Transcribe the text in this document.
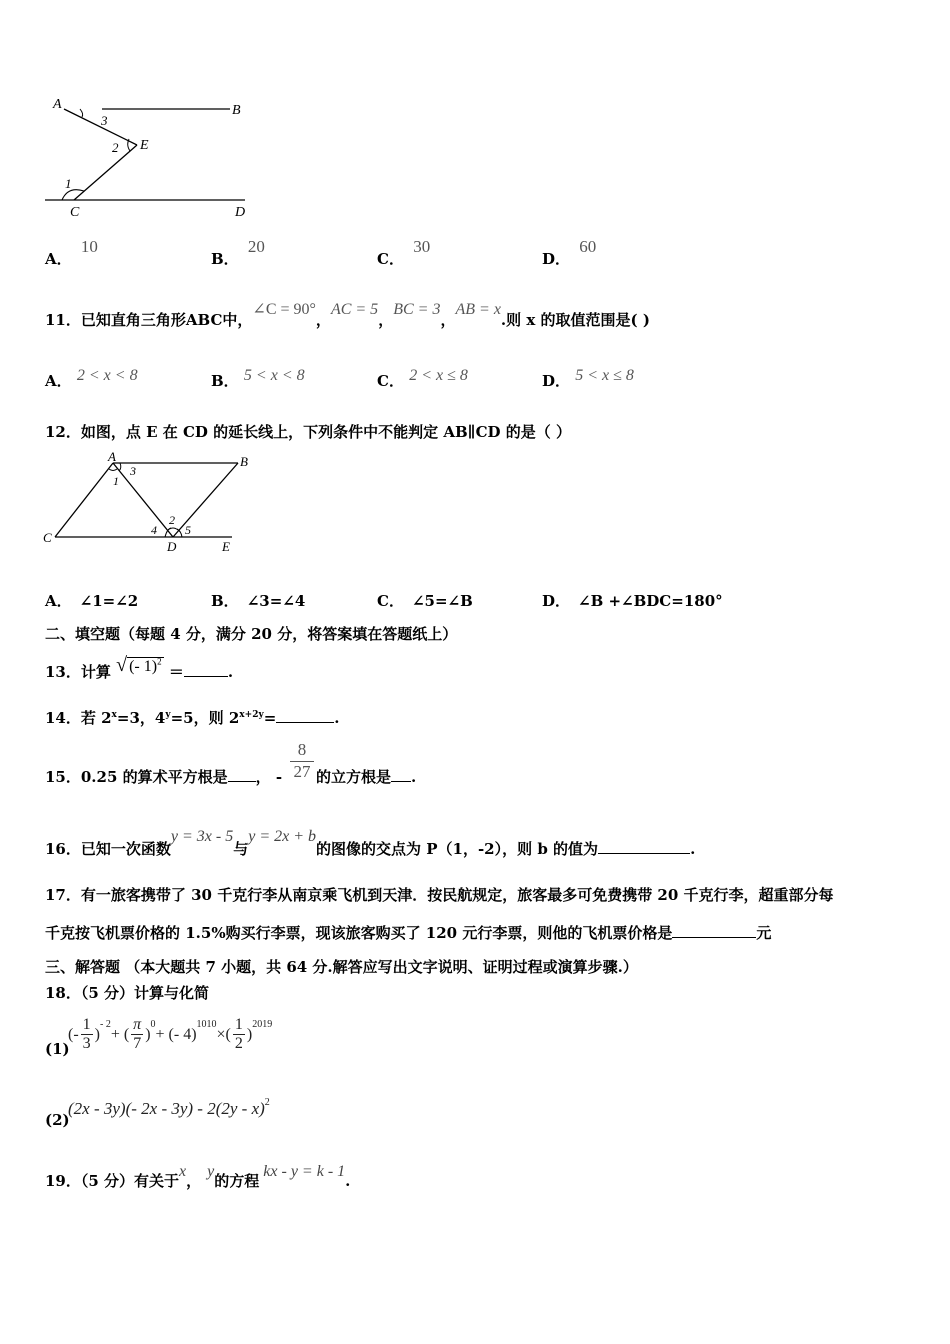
A	B
E
C	D
3
2
1
A． 10
B． 20
C． 30
D． 60
11．已知直角三角形ABC中，∠C = 90°，AC = 5，BC = 3，AB = x.则 x 的取值范围是( )
A． 2 < x < 8	B． 5 < x < 8	C． 2 < x ≤ 8	D． 5 < x ≤ 8
12．如图，点 E 在 CD 的延长线上，下列条件中不能判定 AB∥CD 的是（ ）
A	B
C
D	E
3
1
4
2
5
A． ∠1=∠2	B． ∠3=∠4	C． ∠5=∠B	D． ∠B +∠BDC=180°
二、填空题（每题 4 分，满分 20 分，将答案填在答题纸上）
13．计算 √ (- 1)$^2$ ＝	.
14．若 $2^x=3$，$4^y=5$，则 $2^{x+2y}=$	.
15．0.25 的算术平方根是 ， -
8
27 的立方根是 .
16．已知一次函数y = 3x - 5与y = 2x + b的图像的交点为 P（1，-2），则 b 的值为	.
17．有一旅客携带了 30 千克行李从南京乘飞机到天津．按民航规定，旅客最多可免费携带 20 千克行李，超重部分每
千克按飞机票价格的 1.5%购买行李票，现该旅客购买了 120 元行李票，则他的飞机票价格是	元
三、解答题 （本大题共 7 小题，共 64 分.解答应写出文字说明、证明过程或演算步骤.）
18．（5 分）计算与化简
(1)
(-
1
3
)
- 2
+ (
π
7
)
0
+ (- 4)
1010
×(
1
2
)
2019
(2)
(2x - 3y)(- 2x - 3y) - 2(2y - x)$^2$
19．（5 分）有关于x，y的方程kx - y = k - 1.
